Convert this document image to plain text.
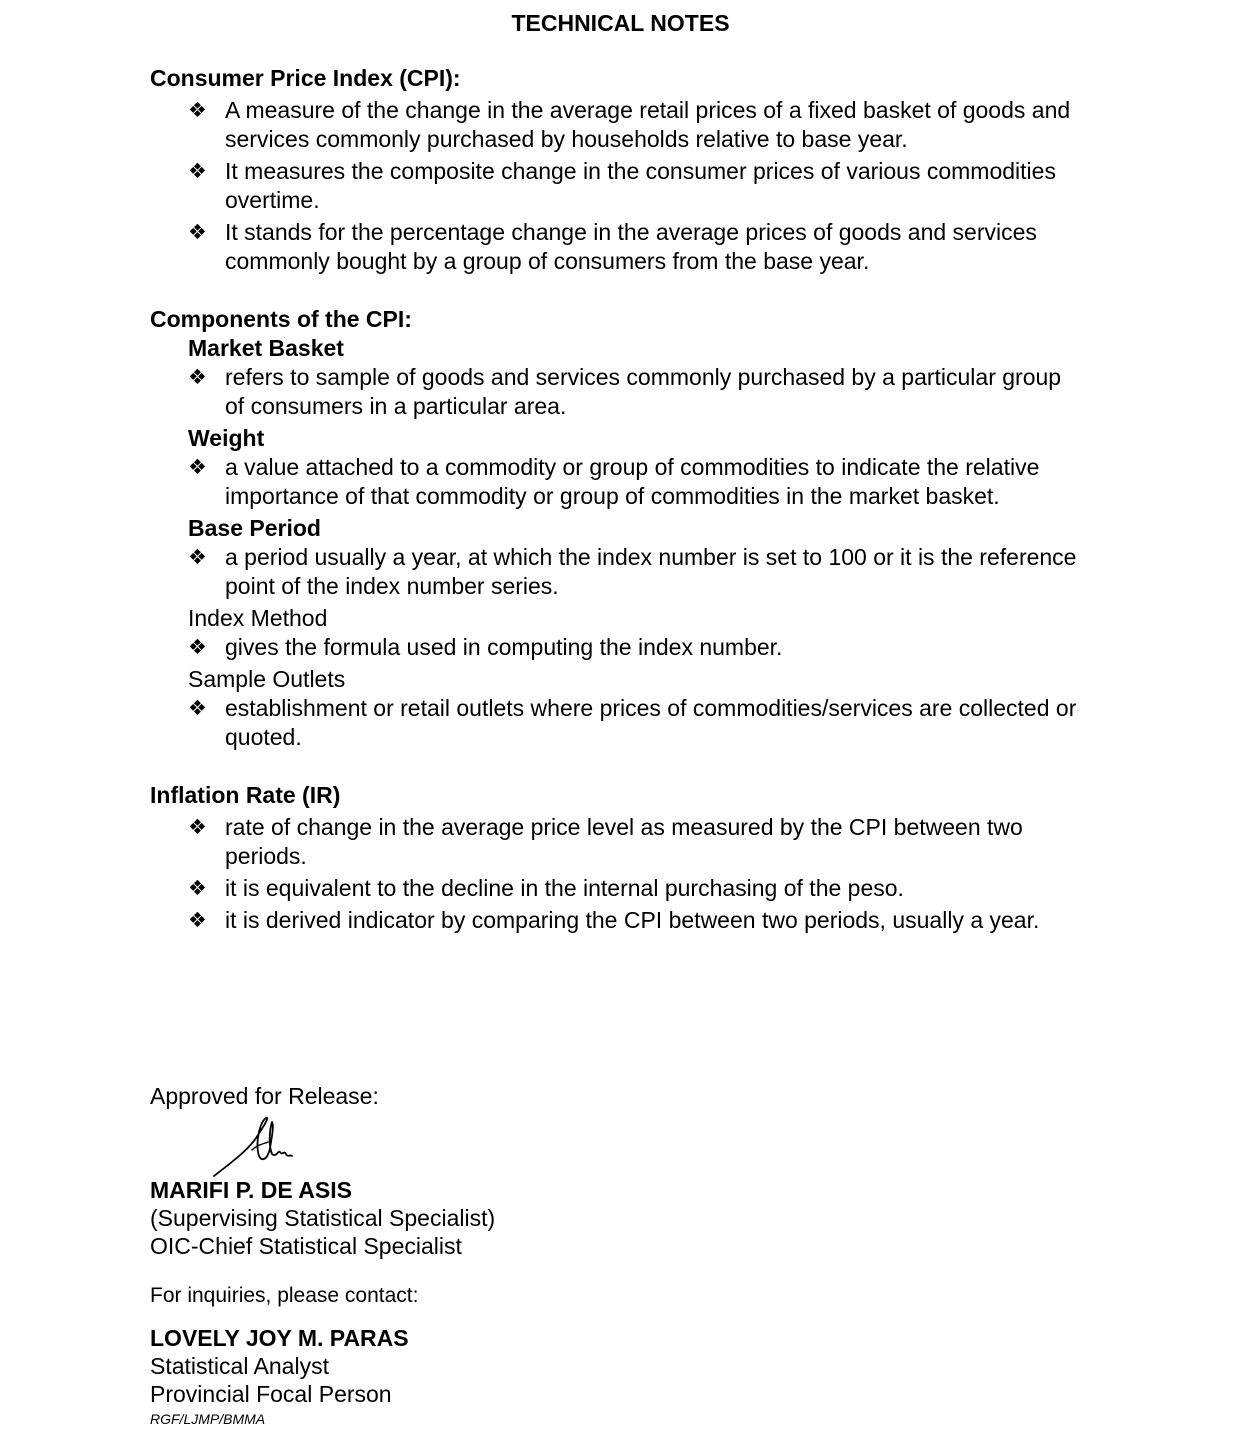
TECHNICAL NOTES
Consumer Price Index (CPI):
❖ A measure of the change in the average retail prices of a fixed basket of goods and services commonly purchased by households relative to base year.
❖ It measures the composite change in the consumer prices of various commodities overtime.
❖ It stands for the percentage change in the average prices of goods and services commonly bought by a group of consumers from the base year.
Components of the CPI:
Market Basket
❖ refers to sample of goods and services commonly purchased by a particular group of consumers in a particular area.
Weight
❖ a value attached to a commodity or group of commodities to indicate the relative importance of that commodity or group of commodities in the market basket.
Base Period
❖ a period usually a year, at which the index number is set to 100 or it is the reference point of the index number series.
Index Method
❖ gives the formula used in computing the index number.
Sample Outlets
❖ establishment or retail outlets where prices of commodities/services are collected or quoted.
Inflation Rate (IR)
❖ rate of change in the average price level as measured by the CPI between two periods.
❖ it is equivalent to the decline in the internal purchasing of the peso.
❖ it is derived indicator by comparing the CPI between two periods, usually a year.
Approved for Release:
MARIFI P. DE ASIS
(Supervising Statistical Specialist)
OIC-Chief Statistical Specialist
For inquiries, please contact:
LOVELY JOY M. PARAS
Statistical Analyst
Provincial Focal Person
RGF/LJMP/BMMA
